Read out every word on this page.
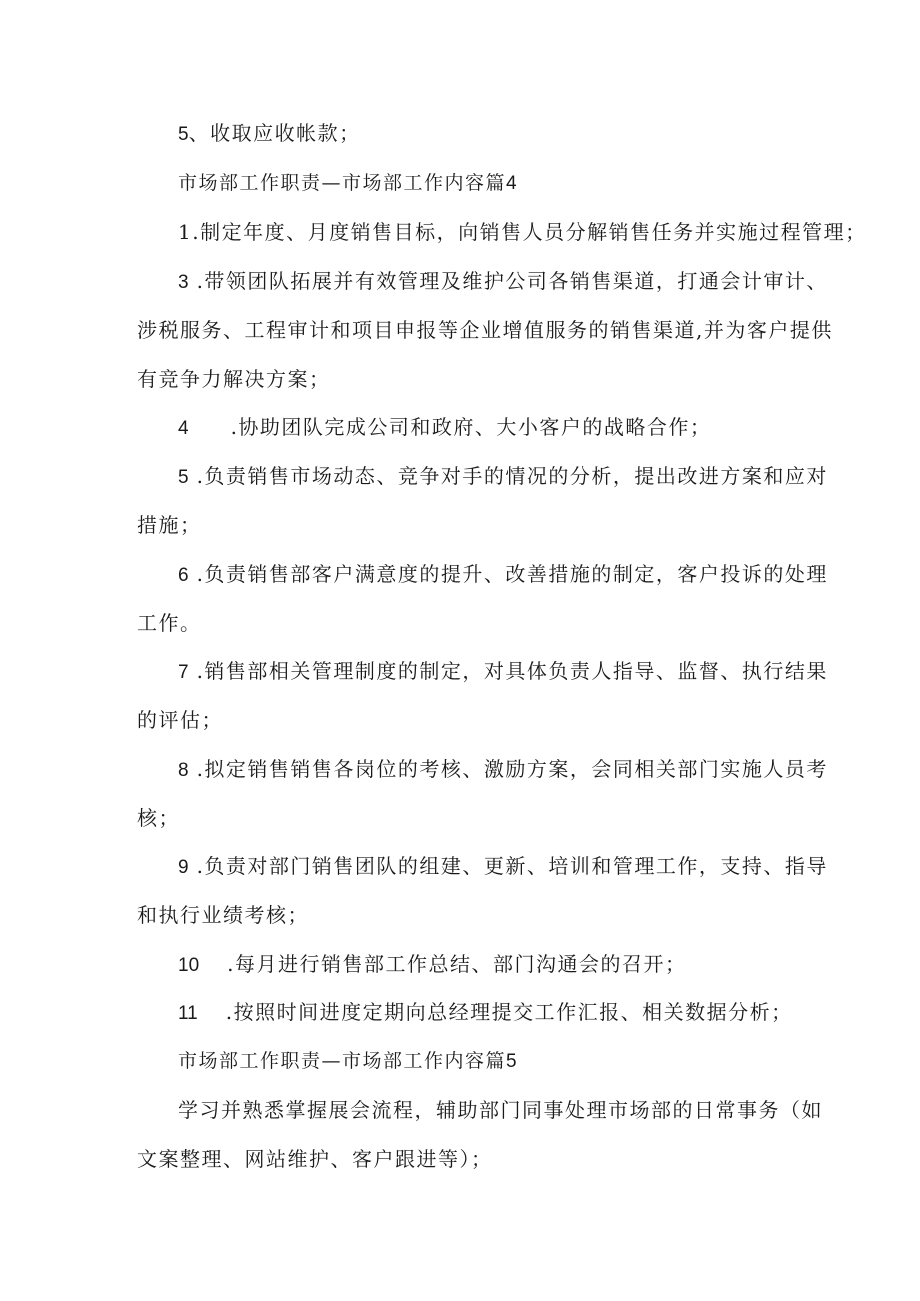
5、收取应收帐款；
市场部工作职责—市场部工作内容篇4
1.制定年度、月度销售目标，向销售人员分解销售任务并实施过程管理；
3 .带领团队拓展并有效管理及维护公司各销售渠道，打通会计审计、
涉税服务、工程审计和项目申报等企业增值服务的销售渠道,并为客户提供
有竞争力解决方案；
4 .协助团队完成公司和政府、大小客户的战略合作；
5 .负责销售市场动态、竞争对手的情况的分析，提出改进方案和应对
措施；
6 .负责销售部客户满意度的提升、改善措施的制定，客户投诉的处理
工作。
7 .销售部相关管理制度的制定，对具体负责人指导、监督、执行结果
的评估；
8 .拟定销售销售各岗位的考核、激励方案，会同相关部门实施人员考
核；
9 .负责对部门销售团队的组建、更新、培训和管理工作，支持、指导
和执行业绩考核；
10 .每月进行销售部工作总结、部门沟通会的召开；
11 .按照时间进度定期向总经理提交工作汇报、相关数据分析；
市场部工作职责—市场部工作内容篇5
学习并熟悉掌握展会流程，辅助部门同事处理市场部的日常事务（如
文案整理、网站维护、客户跟进等）；
